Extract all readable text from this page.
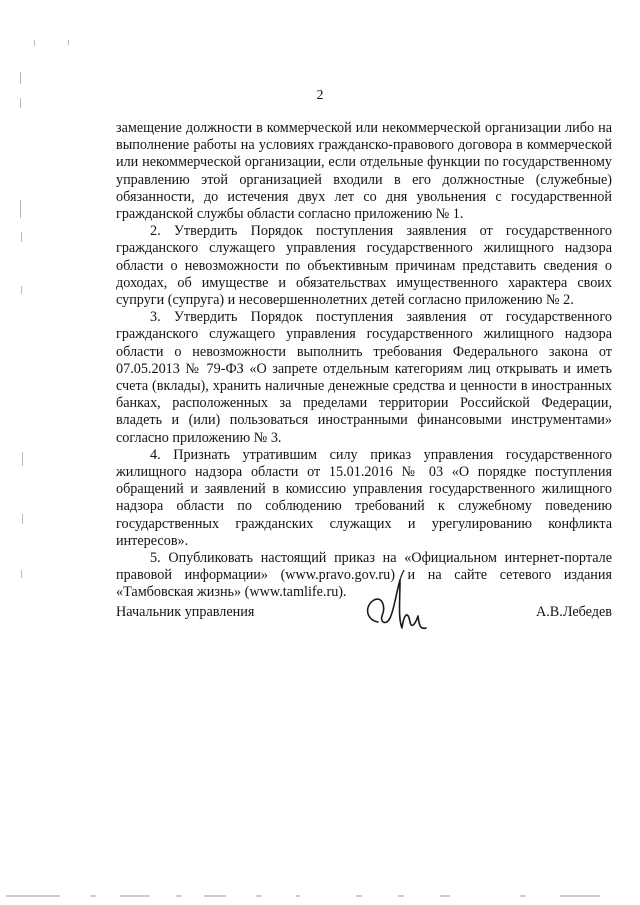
2

замещение должности в коммерческой или некоммерческой организации либо на выполнение работы на условиях гражданско-правового договора в коммерческой или некоммерческой организации, если отдельные функции по государственному управлению этой организацией входили в его должностные (служебные) обязанности, до истечения двух лет со дня увольнения с государственной гражданской службы области согласно приложению № 1.

2. Утвердить Порядок поступления заявления от государственного гражданского служащего управления государственного жилищного надзора области о невозможности по объективным причинам представить сведения о доходах, об имуществе и обязательствах имущественного характера своих супруги (супруга) и несовершеннолетних детей согласно приложению № 2.

3. Утвердить Порядок поступления заявления от государственного гражданского служащего управления государственного жилищного надзора области о невозможности выполнить требования Федерального закона от 07.05.2013 № 79-ФЗ «О запрете отдельным категориям лиц открывать и иметь счета (вклады), хранить наличные денежные средства и ценности в иностранных банках, расположенных за пределами территории Российской Федерации, владеть и (или) пользоваться иностранными финансовыми инструментами» согласно приложению № 3.

4. Признать утратившим силу приказ управления государственного жилищного надзора области от 15.01.2016 № 03 «О порядке поступления обращений и заявлений в комиссию управления государственного жилищного надзора области по соблюдению требований к служебному поведению государственных гражданских служащих и урегулированию конфликта интересов».

5. Опубликовать настоящий приказ на «Официальном интернет-портале правовой информации» (www.pravo.gov.ru) и на сайте сетевого издания «Тамбовская жизнь» (www.tamlife.ru).

Начальник управления	А.В.Лебедев
